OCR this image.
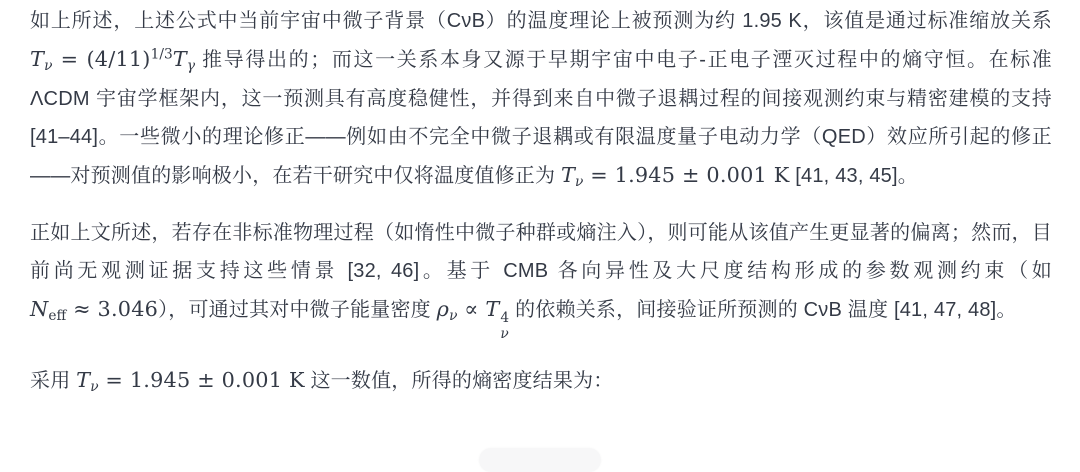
如上所述，上述公式中当前宇宙中微子背景（CνB）的温度理论上被预测为约 1.95 K，该值是通过标准缩放关系 $T\nu = (4/11)^{1/3}T\gamma$ 推导得出的；而这一关系本身又源于早期宇宙中电子-正电子湮灭过程中的熵守恒。在标准 ΛCDM 宇宙学框架内，这一预测具有高度稳健性，并得到来自中微子退耦过程的间接观测约束与精密建模的支持 [41–44]。一些微小的理论修正——例如由不完全中微子退耦或有限温度量子电动力学（QED）效应所引起的修正——对预测值的影响极小，在若干研究中仅将温度值修正为 Tν = 1.945 ± 0.001 K [41, 43, 45]。

正如上文所述，若存在非标准物理过程（如惰性中微子种群或熵注入），则可能从该值产生更显著的偏离；然而，目前尚无观测证据支持这些情景 [32, 46]。基于 CMB 各向异性及大尺度结构形成的参数观测约束（如 Neff ≈ 3.046），可通过其对中微子能量密度 ρν ∝ T 4
ν
的依赖关系，间接验证所预测的 CνB 温度 [41, 47, 48]。

采用 Tν = 1.945 ± 0.001 K 这一数值，所得的熵密度结果为：
